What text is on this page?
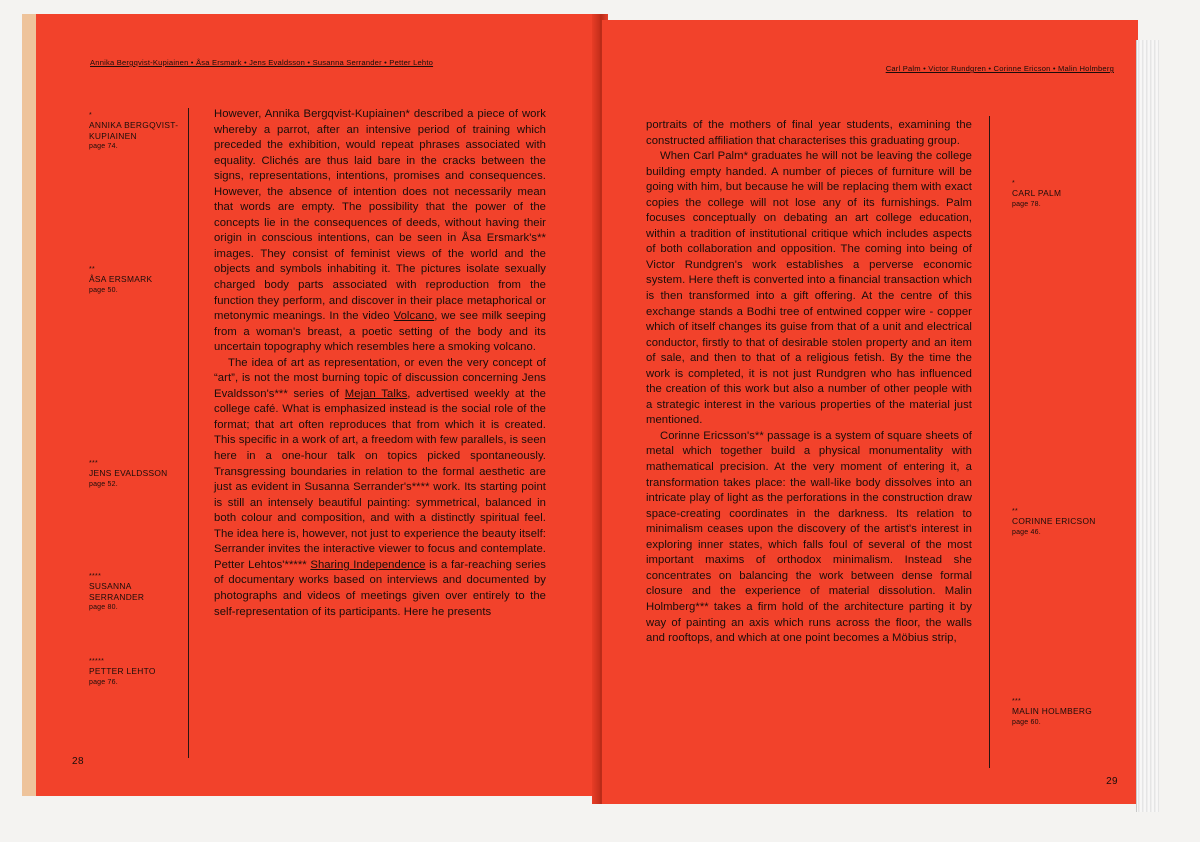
Annika Bergqvist-Kupiainen • Åsa Ersmark • Jens Evaldsson • Susanna Serrander • Petter Lehto
*
ANNIKA BERGQVIST-KUPIAINEN
page 74.
**
ÅSA ERSMARK
page 50.
***
JENS EVALDSSON
page 52.
****
SUSANNA SERRANDER
page 80.
*****
PETTER LEHTO
page 76.

However, Annika Bergqvist-Kupiainen* described a piece of work whereby a parrot, after an intensive period of training which preceded the exhibition, would repeat phrases associated with equality. Clichés are thus laid bare in the cracks between the signs, representations, intentions, promises and consequences. However, the absence of intention does not necessarily mean that words are empty. The possibility that the power of the concepts lie in the consequences of deeds, without having their origin in conscious intentions, can be seen in Åsa Ersmark's** images. They consist of feminist views of the world and the objects and symbols inhabiting it. The pictures isolate sexually charged body parts associated with reproduction from the function they perform, and discover in their place metaphorical or metonymic meanings. In the video Volcano, we see milk seeping from a woman's breast, a poetic setting of the body and its uncertain topography which resembles here a smoking volcano.

The idea of art as representation, or even the very concept of “art”, is not the most burning topic of discussion concerning Jens Evaldsson's*** series of Mejan Talks, advertised weekly at the college café. What is emphasized instead is the social role of the format; that art often reproduces that from which it is created. This specific in a work of art, a freedom with few parallels, is seen here in a one-hour talk on topics picked spontaneously. Transgressing boundaries in relation to the formal aesthetic are just as evident in Susanna Serrander's**** work. Its starting point is still an intensely beautiful painting: symmetrical, balanced in both colour and composition, and with a distinctly spiritual feel. The idea here is, however, not just to experience the beauty itself: Serrander invites the interactive viewer to focus and contemplate. Petter Lehtos'***** Sharing Independence is a far-reaching series of documentary works based on interviews and documented by photographs and videos of meetings given over entirely to the self-representation of its participants. Here he presents

28
Carl Palm • Victor Rundgren • Corinne Ericson • Malin Holmberg

portraits of the mothers of final year students, examining the constructed affiliation that characterises this graduating group.

When Carl Palm* graduates he will not be leaving the college building empty handed. A number of pieces of furniture will be going with him, but because he will be replacing them with exact copies the college will not lose any of its furnishings. Palm focuses conceptually on debating an art college education, within a tradition of institutional critique which includes aspects of both collaboration and opposition. The coming into being of Victor Rundgren's work establishes a perverse economic system. Here theft is converted into a financial transaction which is then transformed into a gift offering. At the centre of this exchange stands a Bodhi tree of entwined copper wire - copper which of itself changes its guise from that of a unit and electrical conductor, firstly to that of desirable stolen property and an item of sale, and then to that of a religious fetish. By the time the work is completed, it is not just Rundgren who has influenced the creation of this work but also a number of other people with a strategic interest in the various properties of the material just mentioned.

Corinne Ericsson's** passage is a system of square sheets of metal which together build a physical monumentality with mathematical precision. At the very moment of entering it, a transformation takes place: the wall-like body dissolves into an intricate play of light as the perforations in the construction draw space-creating coordinates in the darkness. Its relation to minimalism ceases upon the discovery of the artist's interest in exploring inner states, which falls foul of several of the most important maxims of orthodox minimalism. Instead she concentrates on balancing the work between dense formal closure and the experience of material dissolution. Malin Holmberg*** takes a firm hold of the architecture parting it by way of painting an axis which runs across the floor, the walls and rooftops, and which at one point becomes a Möbius strip,

*
CARL PALM
page 78.
**
CORINNE ERICSON
page 46.
***
MALIN HOLMBERG
page 60.
29
